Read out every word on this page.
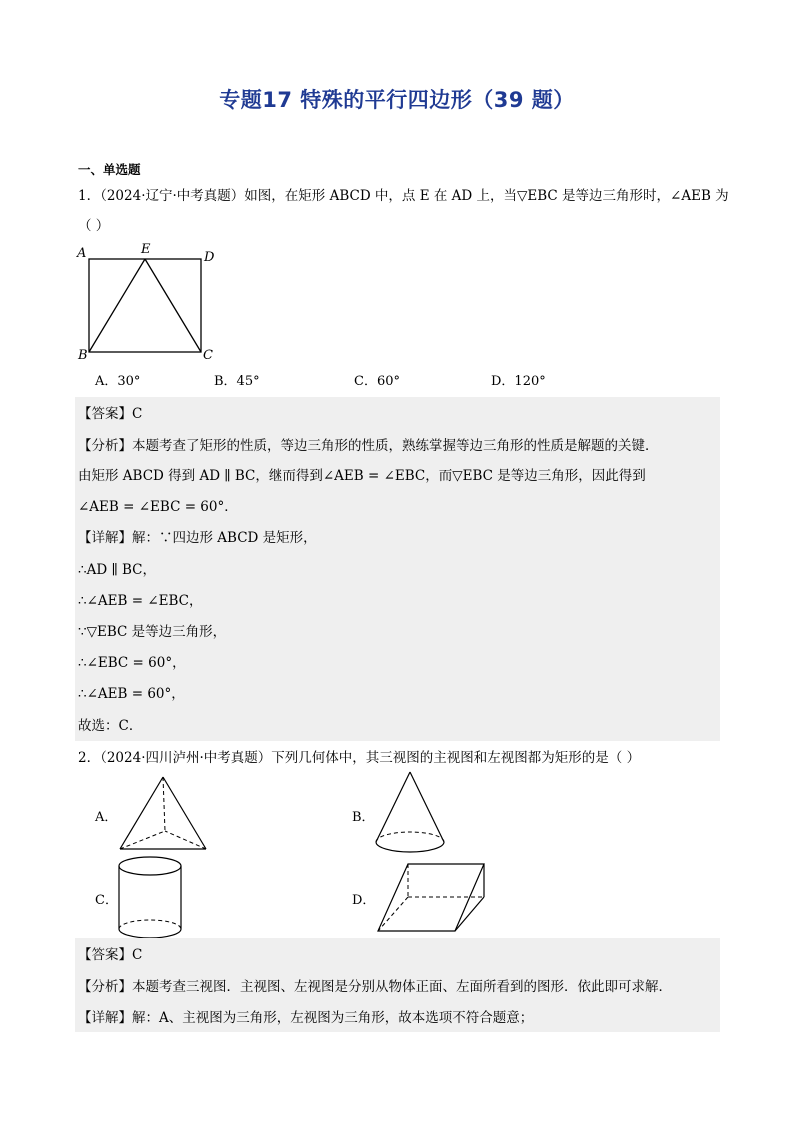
专题17 特殊的平行四边形（39 题）
一、单选题
1．（2024·辽宁·中考真题）如图，在矩形 ABCD 中，点 E 在 AD 上，当▽EBC 是等边三角形时，∠AEB 为
（ ）
A	E
D
B	C
A．30°	B．45°	C．60°	D．120°
【答案】C
【分析】本题考查了矩形的性质，等边三角形的性质，熟练掌握等边三角形的性质是解题的关键．
由矩形 ABCD 得到 AD ∥ BC，继而得到∠AEB = ∠EBC，而▽EBC 是等边三角形，因此得到
∠AEB = ∠EBC = 60°．
【详解】解：∵四边形 ABCD 是矩形，
∴AD ∥ BC，
∴∠AEB = ∠EBC，
∵▽EBC 是等边三角形，
∴∠EBC = 60°，
∴∠AEB = 60°，
故选：C．
2．（2024·四川泸州·中考真题）下列几何体中，其三视图的主视图和左视图都为矩形的是（ ）
A．	B．
C．	D．
【答案】C
【分析】本题考查三视图．主视图、左视图是分别从物体正面、左面所看到的图形．依此即可求解．
【详解】解：A、主视图为三角形，左视图为三角形，故本选项不符合题意；
